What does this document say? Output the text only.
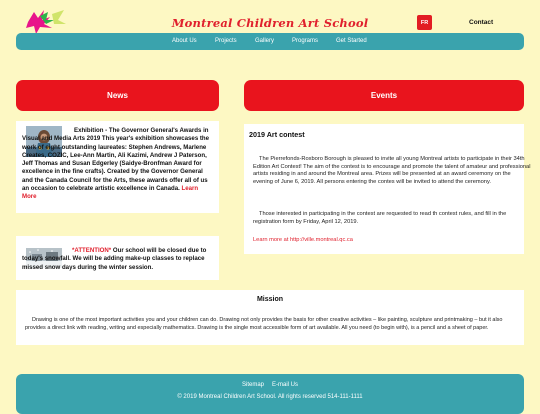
Montreal Children Art School	FR	Contact
About Us	Projects	Gallery	Programs	Get Started
News	Events
Exhibition - The Governor General's Awards in Visual and Media Arts 2019 This year's exhibition showcases the work of eight outstanding laureates: Stephen Andrews, Marlene Creates, COZIC, Lee-Ann Martin, Ali Kazimi, Andrew J Paterson, Jeff Thomas and Susan Edgerley (Saidye-Bronfman Award for excellence in the fine crafts). Created by the Governor General and the Canada Council for the Arts, these awards offer all of us an occasion to celebrate artistic excellence in Canada. Learn More
*ATTENTION* Our school will be closed due to today's snowfall. We will be adding make-up classes to replace missed snow days during the winter session.
2019 Art contest
The Pierrefonds-Roxboro Borough is pleased to invite all young Montreal artists to participate in their 34th Edition Art Contest! The aim of the contest is to encourage and promote the talent of amateur and professional artists residing in and around the Montreal area. Prizes will be presented at an award ceremony on the evening of June 6, 2019. All persons entering the contes will be invited to attend the ceremony.
Those interested in participating in the contest are requested to read th contest rules, and fill in the registration form by Friday, April 12, 2019.
Learn more at http://ville.montreal.qc.ca
Mission
Drawing is one of the most important activities you and your children can do. Drawing not only provides the basis for other creative activities – like painting, sculpture and printmaking – but it also provides a direct link with reading, writing and especially mathematics. Drawing is the single most accessible form of art available. All you need (to begin with), is a pencil and a sheet of paper.
Sitemap E-mail Us
© 2019 Montreal Children Art School. All rights reserved 514-111-1111
